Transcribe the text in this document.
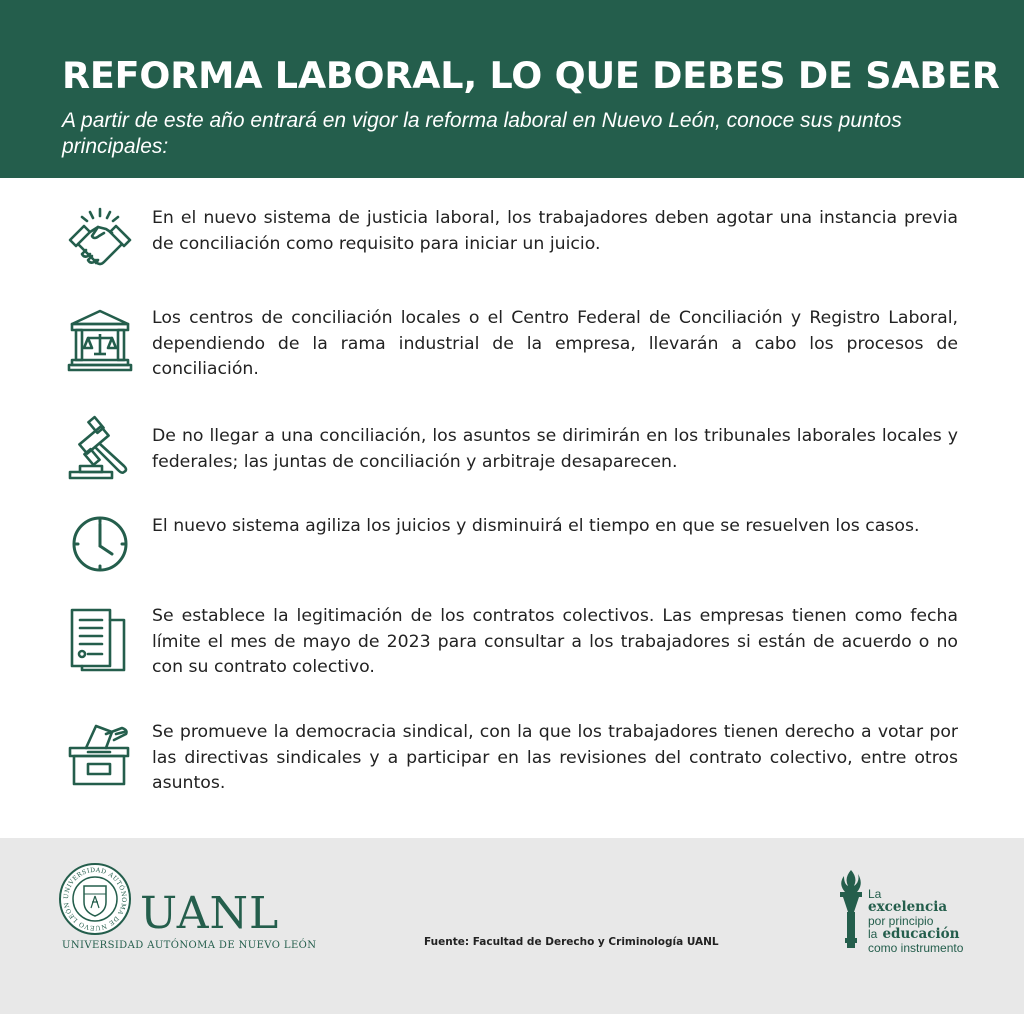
REFORMA LABORAL, LO QUE DEBES DE SABER
A partir de este año entrará en vigor la reforma laboral en Nuevo León, conoce sus puntos principales:
En el nuevo sistema de justicia laboral, los trabajadores deben agotar una instancia previa de conciliación como requisito para iniciar un juicio.
Los centros de conciliación locales o el Centro Federal de Conciliación y Registro Laboral, dependiendo de la rama industrial de la empresa, llevarán a cabo los procesos de conciliación.
De no llegar a una conciliación, los asuntos se dirimirán en los tribunales laborales locales y federales; las juntas de conciliación y arbitraje desaparecen.
El nuevo sistema agiliza los juicios y disminuirá el tiempo en que se resuelven los casos.
Se establece la legitimación de los contratos colectivos. Las empresas tienen como fecha límite el mes de mayo de 2023 para consultar a los trabajadores si están de acuerdo o no con su contrato colectivo.
Se promueve la democracia sindical, con la que los trabajadores tienen derecho a votar por las directivas sindicales y a participar en las revisiones del contrato colectivo, entre otros asuntos.
UNIVERSIDAD AUTÓNOMA DE NUEVO LEÓN	UANL
UNIVERSIDAD AUTÓNOMA DE NUEVO LEÓN	Fuente: Facultad de Derecho y Criminología UANL
La
excelencia
por principio
la educación
como instrumento
